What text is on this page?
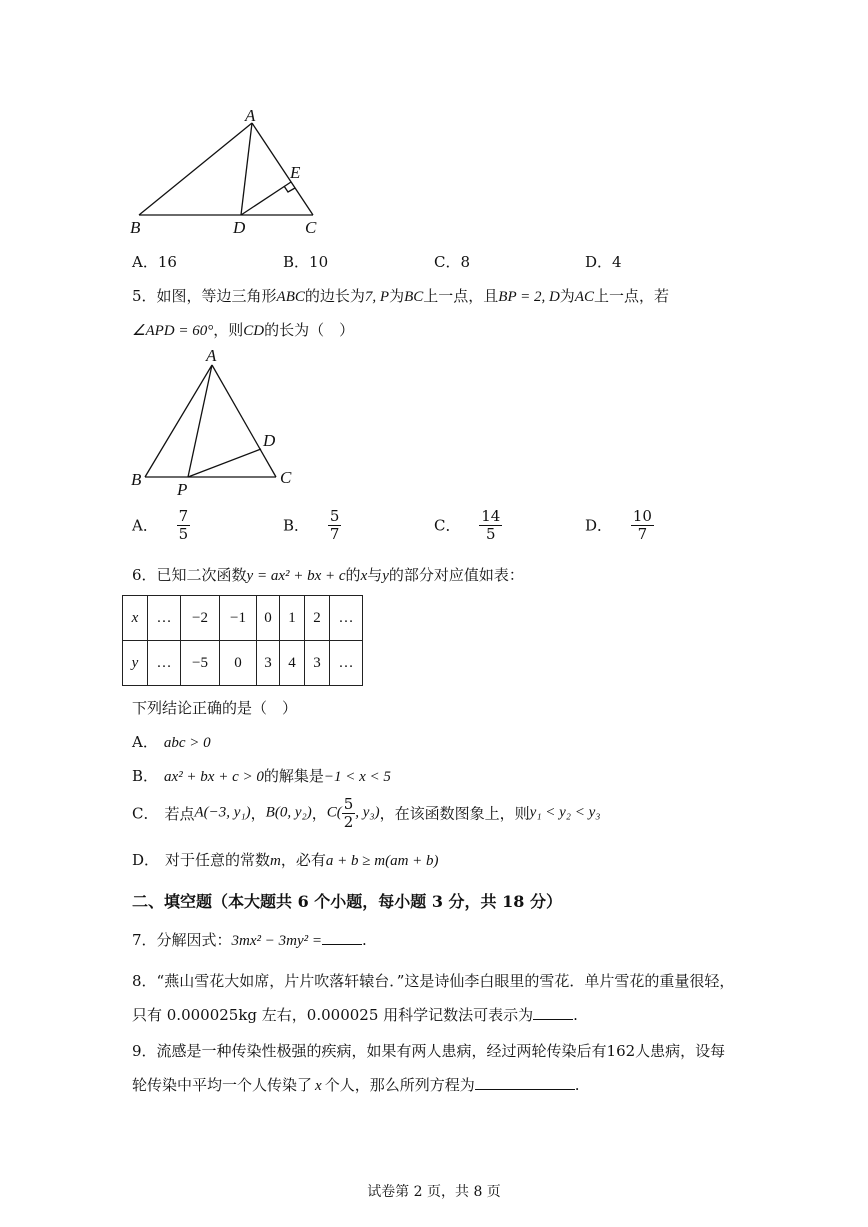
A
E
B	D	C
A．16	B．10	C．8	D．4
5．如图，等边三角形ABC的边长为7, P为BC上一点，且BP = 2, D为AC上一点，若
∠APD = 60°，则CD的长为（　）
A
D
B	C
P
A． $\frac{7}{5}$	B． $\frac{5}{7}$	C． $\frac{14}{5}$	D． $\frac{10}{7}$
6．已知二次函数y = ax² + bx + c的x与y的部分对应值如表：
x	…	−2	−1	0	1	2	…
y	…	−5	0	3	4	3	…
下列结论正确的是（　）
A． abc > 0
B． ax² + bx + c > 0的解集是−1 < x < 5
C． 若点A(−3, y₁)，B(0, y₂)，$C( \frac{5}{2}$ , y₃)，在该函数图象上，则y₁ < y₂ < y₃
D． 对于任意的常数m，必有a + b ≥ m(am + b)
二、填空题（本大题共 6 个小题，每小题 3 分，共 18 分）
7．分解因式：3mx² − 3my² =	.
8．“燕山雪花大如席，片片吹落轩辕台．”这是诗仙李白眼里的雪花．单片雪花的重量很轻，
只有 0.000025kg 左右，0.000025 用科学记数法可表示为	.
9．流感是一种传染性极强的疾病，如果有两人患病，经过两轮传染后有162人患病，设每
轮传染中平均一个人传染了 x 个人，那么所列方程为	.
试卷第 2 页，共 8 页
